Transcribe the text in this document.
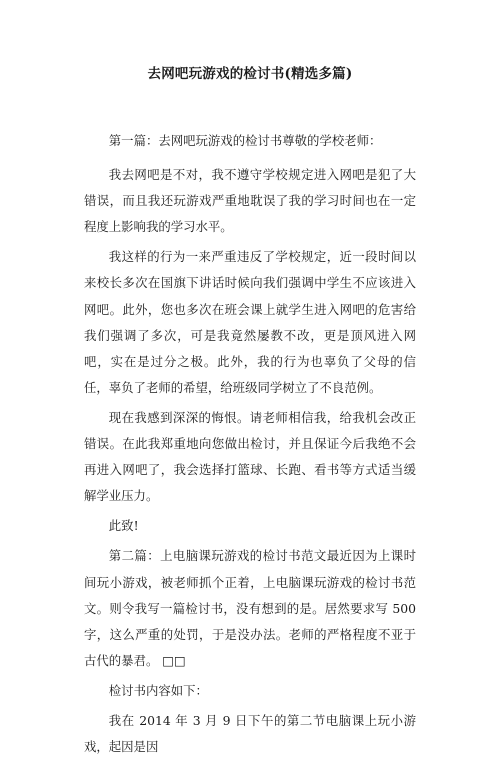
去网吧玩游戏的检讨书(精选多篇)

第一篇：去网吧玩游戏的检讨书尊敬的学校老师：

我去网吧是不对，我不遵守学校规定进入网吧是犯了大错误，而且我还玩游戏严重地耽误了我的学习时间也在一定程度上影响我的学习水平。

我这样的行为一来严重违反了学校规定，近一段时间以来校长多次在国旗下讲话时候向我们强调中学生不应该进入网吧。此外，您也多次在班会课上就学生进入网吧的危害给我们强调了多次，可是我竟然屡教不改，更是顶风进入网吧，实在是过分之极。此外，我的行为也辜负了父母的信任，辜负了老师的希望，给班级同学树立了不良范例。

现在我感到深深的悔恨。请老师相信我，给我机会改正错误。在此我郑重地向您做出检讨，并且保证今后我绝不会再进入网吧了，我会选择打篮球、长跑、看书等方式适当缓解学业压力。

此致!

第二篇：上电脑课玩游戏的检讨书范文最近因为上课时间玩小游戏，被老师抓个正着，上电脑课玩游戏的检讨书范文。则令我写一篇检讨书，没有想到的是。居然要求写 500 字，这么严重的处罚，于是没办法。老师的严格程度不亚于古代的暴君。 □□

检讨书内容如下：

我在 2014 年 3 月 9 日下午的第二节电脑课上玩小游戏，起因是因
